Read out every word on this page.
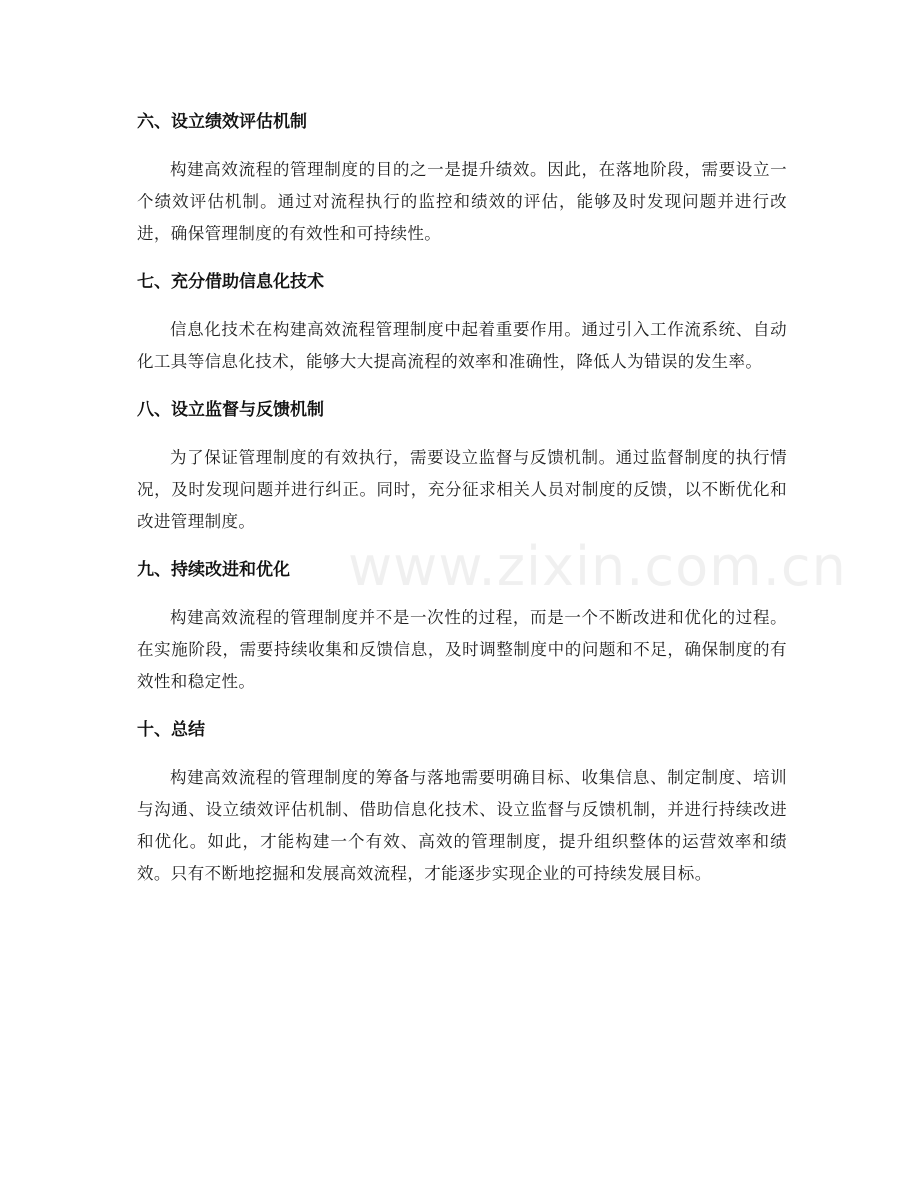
www.zixin.com.cn
六、设立绩效评估机制

构建高效流程的管理制度的目的之一是提升绩效。因此，在落地阶段，需要设立一个绩效评估机制。通过对流程执行的监控和绩效的评估，能够及时发现问题并进行改进，确保管理制度的有效性和可持续性。

七、充分借助信息化技术

信息化技术在构建高效流程管理制度中起着重要作用。通过引入工作流系统、自动化工具等信息化技术，能够大大提高流程的效率和准确性，降低人为错误的发生率。

八、设立监督与反馈机制

为了保证管理制度的有效执行，需要设立监督与反馈机制。通过监督制度的执行情况，及时发现问题并进行纠正。同时，充分征求相关人员对制度的反馈，以不断优化和改进管理制度。

九、持续改进和优化

构建高效流程的管理制度并不是一次性的过程，而是一个不断改进和优化的过程。在实施阶段，需要持续收集和反馈信息，及时调整制度中的问题和不足，确保制度的有效性和稳定性。

十、总结

构建高效流程的管理制度的筹备与落地需要明确目标、收集信息、制定制度、培训与沟通、设立绩效评估机制、借助信息化技术、设立监督与反馈机制，并进行持续改进和优化。如此，才能构建一个有效、高效的管理制度，提升组织整体的运营效率和绩效。只有不断地挖掘和发展高效流程，才能逐步实现企业的可持续发展目标。
